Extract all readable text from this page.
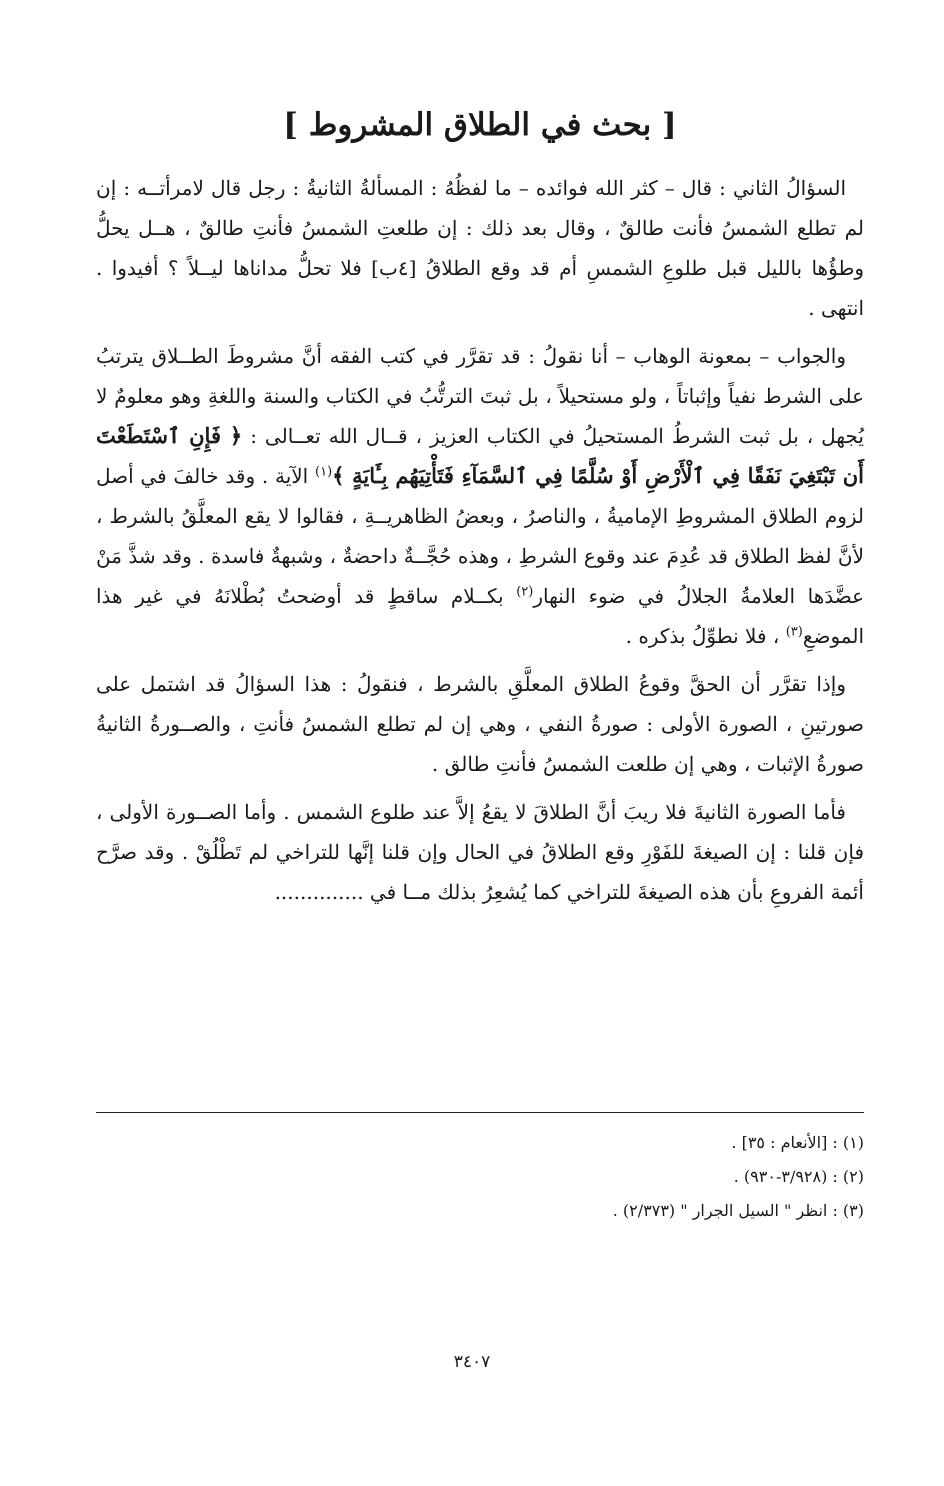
[ بحث في الطلاق المشروط ]

السؤالُ الثاني : قال – كثر الله فوائده – ما لفظُهُ : المسألةُ الثانيةُ : رجل قال لامرأتــه : إن لم تطلع الشمسُ فأنت طالقٌ ، وقال بعد ذلك : إن طلعتِ الشمسُ فأنتِ طالقٌ ، هــل يحلُّ وطؤُها بالليل قبل طلوعِ الشمسِ أم قد وقع الطلاقُ [٤ب] فلا تحلُّ مداناها ليــلاً ؟ أفيدوا . انتهى .

والجواب – بمعونة الوهاب – أنا نقولُ : قد تقرَّر في كتب الفقه أنَّ مشروطَ الطــلاق يترتبُ على الشرط نفياً وإثباتاً ، ولو مستحيلاً ، بل ثبتَ الترتُّبُ في الكتاب والسنة واللغةِ وهو معلومٌ لا يُجهل ، بل ثبت الشرطُ المستحيلُ في الكتاب العزيز ، قــال الله تعــالى : ﴿ فَإِنِ ٱسْتَطَعْتَ أَن تَبْتَغِيَ نَفَقًا فِي ٱلْأَرْضِ أَوْ سُلَّمًا فِي ٱلسَّمَآءِ فَتَأْتِيَهُم بِـَٔايَةٍ ﴾$^{(١)}$ الآية . وقد خالفَ في أصل لزوم الطلاق المشروطِ الإماميةُ ، والناصرُ ، وبعضُ الظاهريــةِ ، فقالوا لا يقع المعلَّقُ بالشرط ، لأنَّ لفظ الطلاق قد عُدِمَ عند وقوع الشرطِ ، وهذه حُجَّــةٌ داحضةٌ ، وشبهةٌ فاسدة . وقد شذَّ مَنْ عضَّدَها العلامةُ الجلالُ في ضوء النهار$^{(٢)}$ بكــلام ساقطٍ قد أوضحتُ بُطْلانَهُ في غير هذا الموضعِ$^{(٣)}$ ، فلا نطوِّلُ بذكره .

وإذا تقرَّر أن الحقَّ وقوعُ الطلاق المعلَّقِ بالشرط ، فنقولُ : هذا السؤالُ قد اشتمل على صورتينِ ، الصورة الأولى : صورةُ النفي ، وهي إن لم تطلع الشمسُ فأنتِ ، والصــورةُ الثانيةُ صورةُ الإثبات ، وهي إن طلعت الشمسُ فأنتِ طالق .

فأما الصورة الثانيةَ فلا ريبَ أنَّ الطلاقَ لا يقعُ إلاَّ عند طلوع الشمس . وأما الصــورة الأولى ، فإن قلنا : إن الصيغةَ للفَوْرِ وقع الطلاقُ في الحال وإن قلنا إنَّها للتراخي لم تَطْلُقْ . وقد صرَّح أئمة الفروعِ بأن هذه الصيغةَ للتراخي كما يُشعِرُ بذلك مــا في ..............

(١) : [الأنعام : ٣٥] .

(٢) : (٣/٩٢٨-٩٣٠) .

(٣) : انظر " السيل الجرار " (٢/٣٧٣) .

٣٤٠٧
